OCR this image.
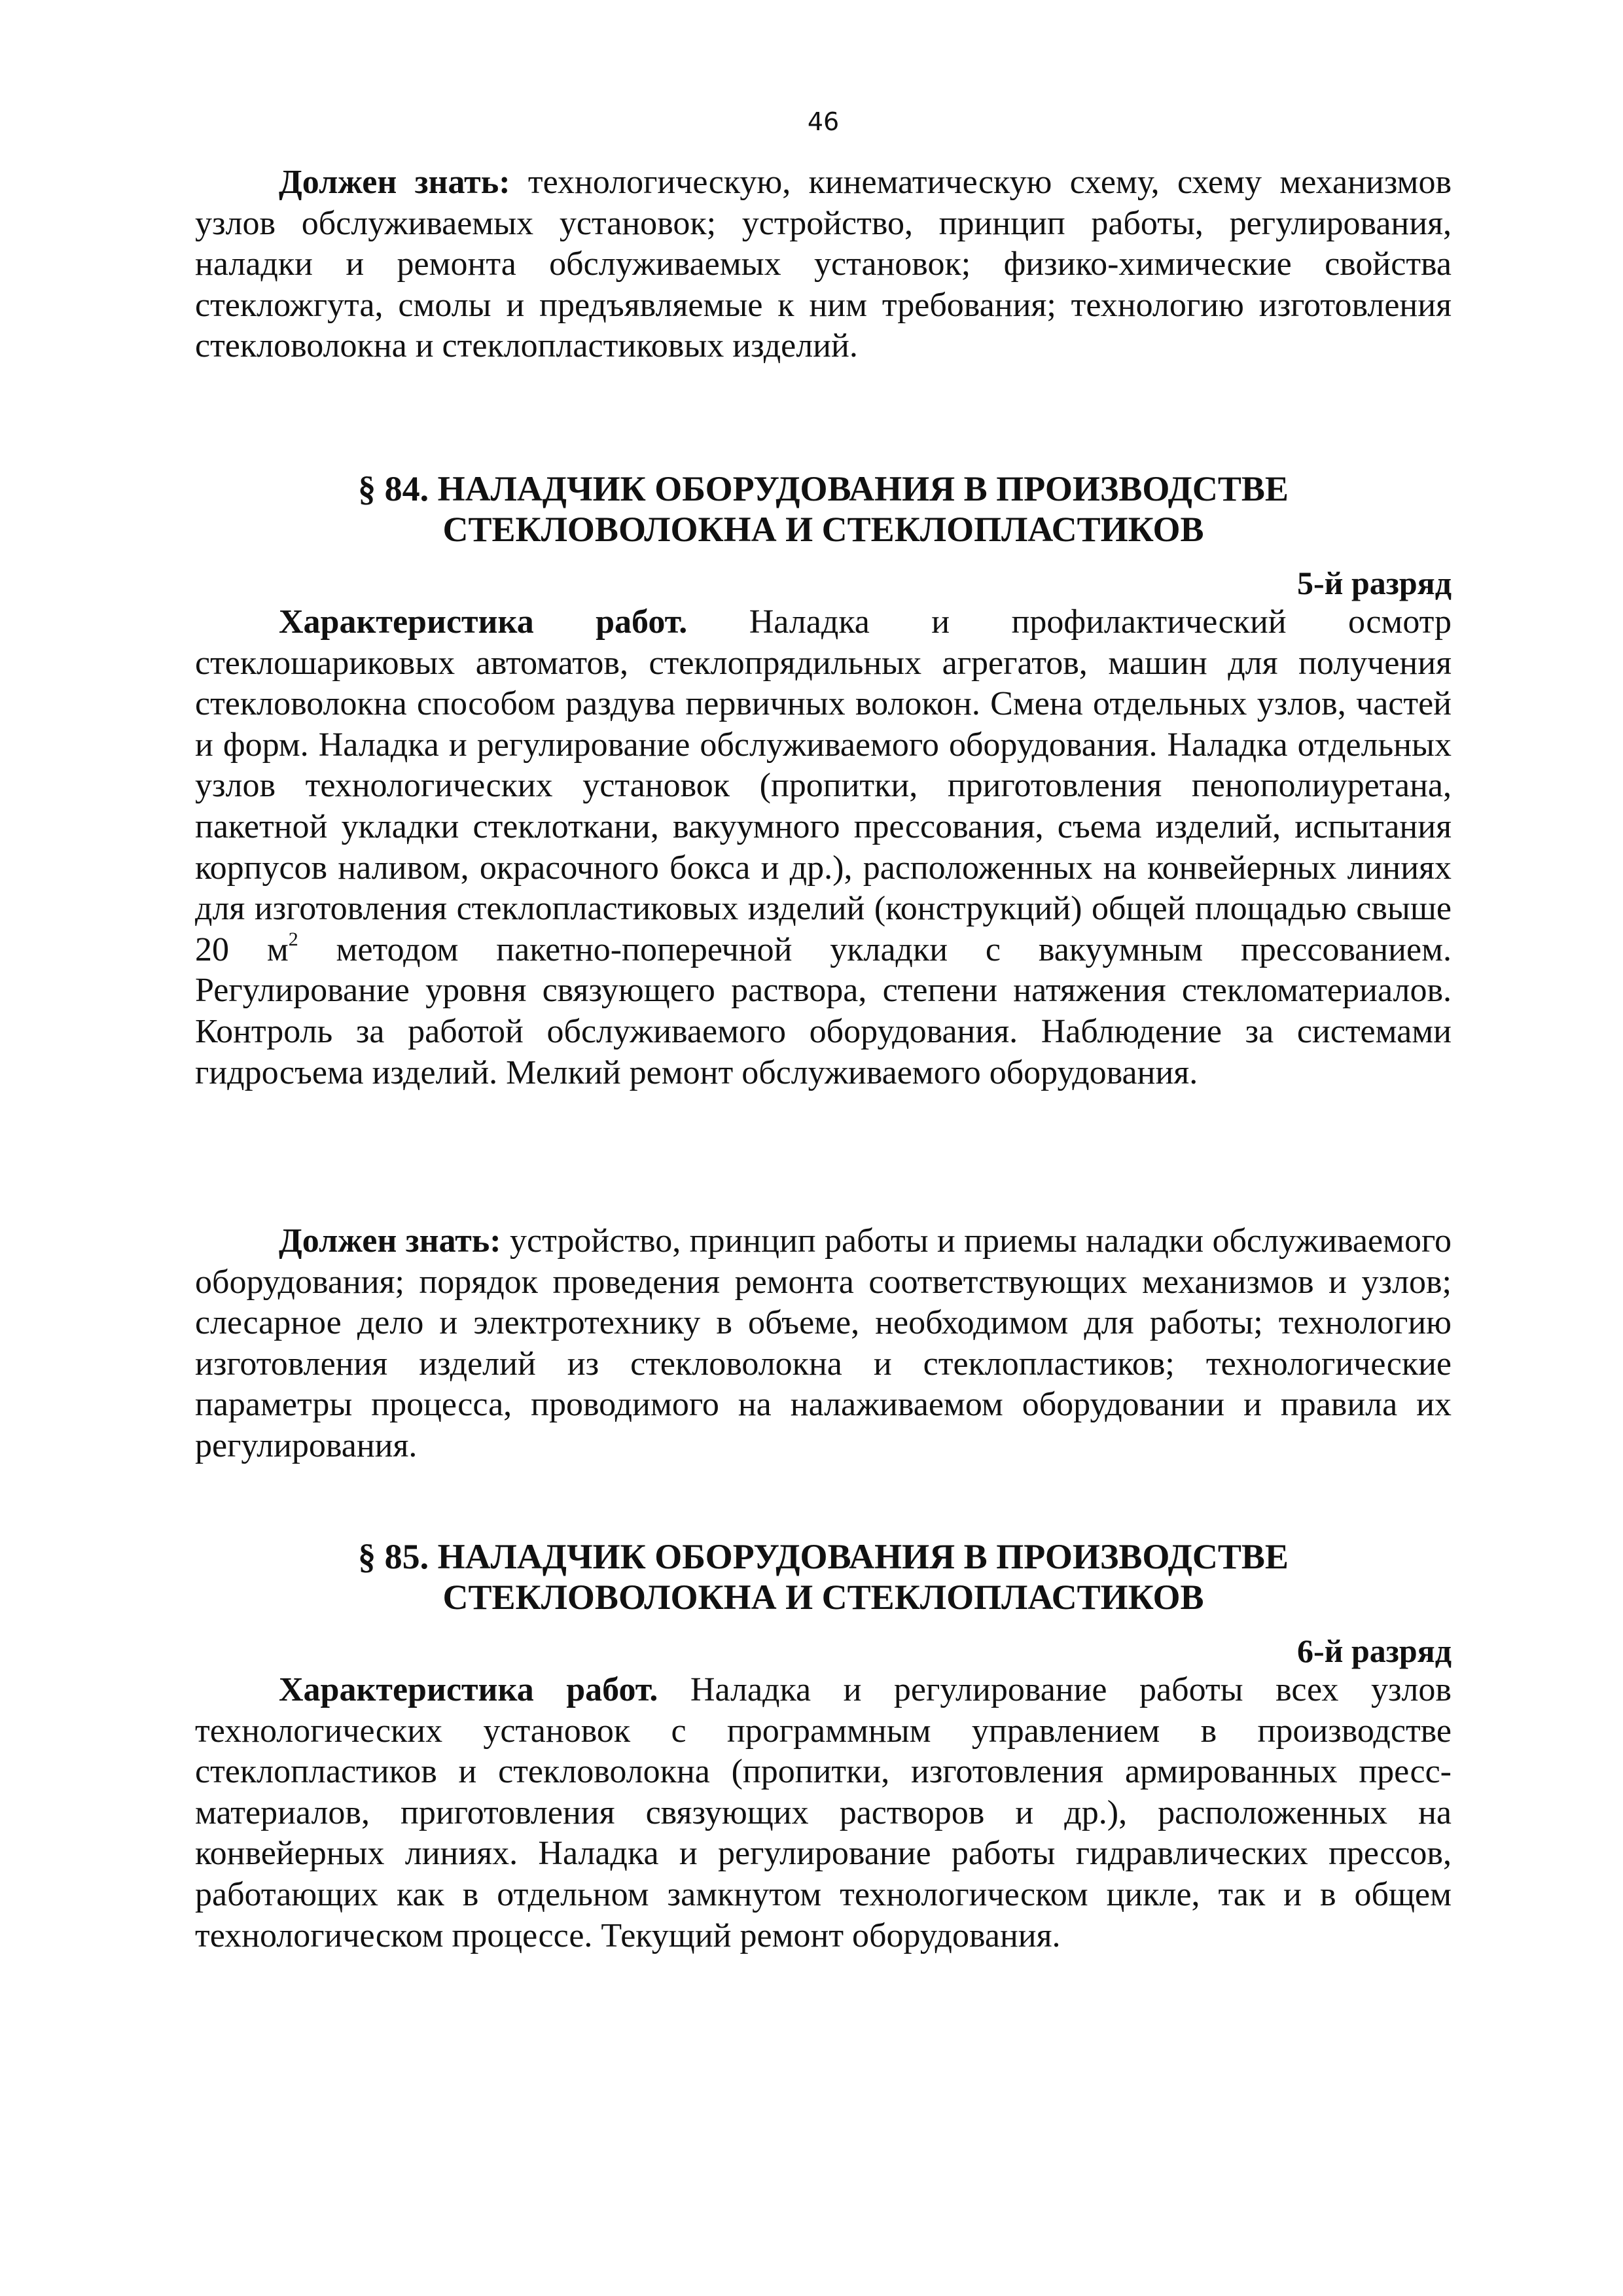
46

Должен знать: технологическую, кинематическую схему, схему механизмов узлов обслуживаемых установок; устройство, принцип работы, регулирования, наладки и ремонта обслуживаемых установок; физико-химические свойства стекложгута, смолы и предъявляемые к ним требования; технологию изготовления стекловолокна и стеклопластиковых изделий.

§ 84. НАЛАДЧИК ОБОРУДОВАНИЯ В ПРОИЗВОДСТВЕ
СТЕКЛОВОЛОКНА И СТЕКЛОПЛАСТИКОВ
5-й разряд

Характеристика работ. Наладка и профилактический осмотр стеклошариковых автоматов, стеклопрядильных агрегатов, машин для получения стекловолокна способом раздува первичных волокон. Смена отдельных узлов, частей и форм. Наладка и регулирование обслуживаемого оборудования. Наладка отдельных узлов технологических установок (пропитки, приготовления пенополиуретана, пакетной укладки стеклоткани, вакуумного прессования, съема изделий, испытания корпусов наливом, окрасочного бокса и др.), расположенных на конвейерных линиях для изготовления стеклопластиковых изделий (конструкций) общей площадью свыше 20 $м^2$ методом пакетно-поперечной укладки с вакуумным прессованием. Регулирование уровня связующего раствора, степени натяжения стекломатериалов. Контроль за работой обслуживаемого оборудования. Наблюдение за системами гидросъема изделий. Мелкий ремонт обслуживаемого оборудования.

Должен знать: устройство, принцип работы и приемы наладки обслуживаемого оборудования; порядок проведения ремонта соответствующих механизмов и узлов; слесарное дело и электротехнику в объеме, необходимом для работы; технологию изготовления изделий из стекловолокна и стеклопластиков; технологические параметры процесса, проводимого на налаживаемом оборудовании и правила их регулирования.

§ 85. НАЛАДЧИК ОБОРУДОВАНИЯ В ПРОИЗВОДСТВЕ
СТЕКЛОВОЛОКНА И СТЕКЛОПЛАСТИКОВ
6-й разряд

Характеристика работ. Наладка и регулирование работы всех узлов технологических установок с программным управлением в производстве стеклопластиков и стекловолокна (пропитки, изготовления армированных пресс-материалов, приготовления связующих растворов и др.), расположенных на конвейерных линиях. Наладка и регулирование работы гидравлических прессов, работающих как в отдельном замкнутом технологическом цикле, так и в общем технологическом процессе. Текущий ремонт оборудования.
